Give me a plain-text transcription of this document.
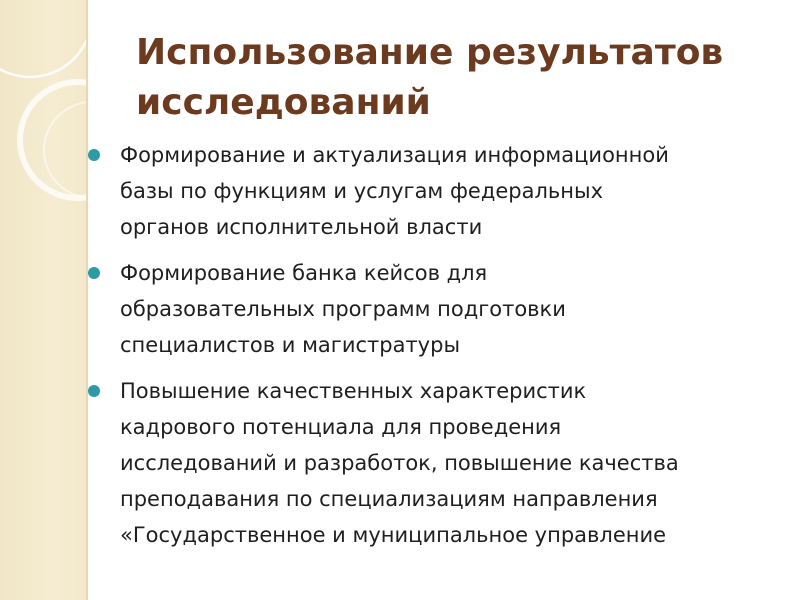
Использование результатов
исследований
Формирование и актуализация информационной
базы по функциям и услугам федеральных
органов исполнительной власти
Формирование банка кейсов для
образовательных программ подготовки
специалистов и магистратуры
Повышение качественных характеристик
кадрового потенциала для проведения
исследований и разработок, повышение качества
преподавания по специализациям направления
«Государственное и муниципальное управление
